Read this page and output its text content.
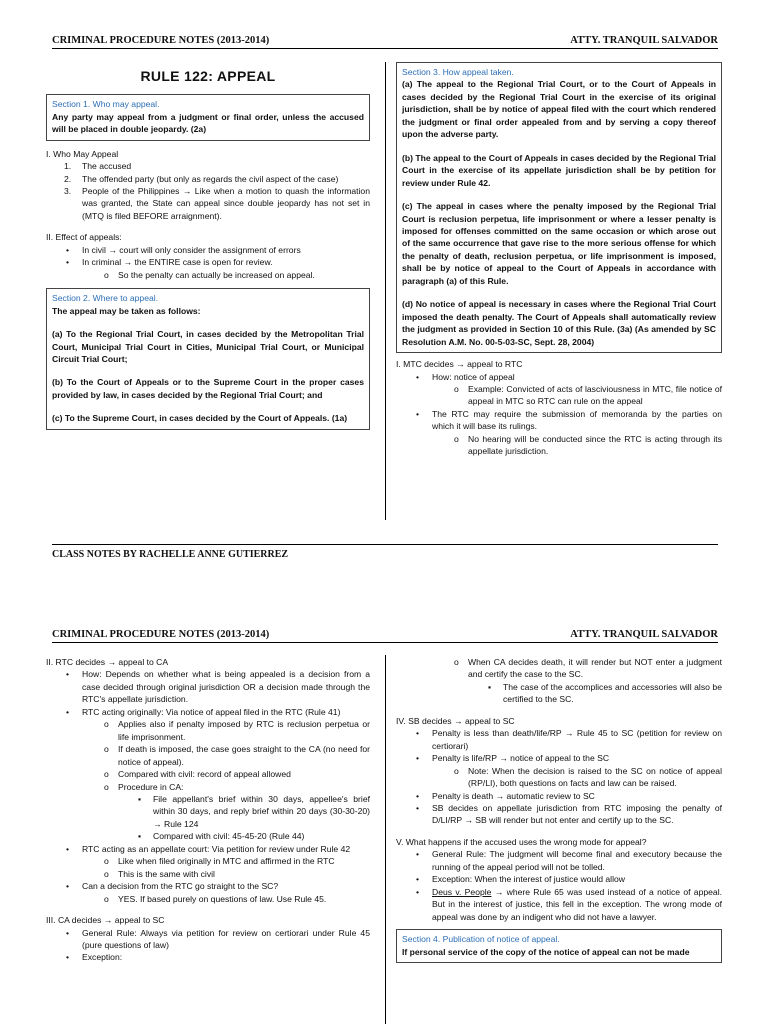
CRIMINAL PROCEDURE NOTES (2013-2014)	ATTY. TRANQUIL SALVADOR
RULE 122: APPEAL
Section 1. Who may appeal.

Any party may appeal from a judgment or final order, unless the accused will be placed in double jeopardy. (2a)

I. Who May Appeal

1. The accused
2. The offended party (but only as regards the civil aspect of the case)
3. People of the Philippines → Like when a motion to quash the information was granted, the State can appeal since double jeopardy has not set in (MTQ is filed BEFORE arraignment).

II. Effect of appeals:

• In civil → court will only consider the assignment of errors
• In criminal → the ENTIRE case is open for review.
o So the penalty can actually be increased on appeal.
Section 2. Where to appeal.

The appeal may be taken as follows:

(a) To the Regional Trial Court, in cases decided by the Metropolitan Trial Court, Municipal Trial Court in Cities, Municipal Trial Court, or Municipal Circuit Trial Court;

(b) To the Court of Appeals or to the Supreme Court in the proper cases provided by law, in cases decided by the Regional Trial Court; and

(c) To the Supreme Court, in cases decided by the Court of Appeals. (1a)

Section 3. How appeal taken.

(a) The appeal to the Regional Trial Court, or to the Court of Appeals in cases decided by the Regional Trial Court in the exercise of its original jurisdiction, shall be by notice of appeal filed with the court which rendered the judgment or final order appealed from and by serving a copy thereof upon the adverse party.

(b) The appeal to the Court of Appeals in cases decided by the Regional Trial Court in the exercise of its appellate jurisdiction shall be by petition for review under Rule 42.

(c) The appeal in cases where the penalty imposed by the Regional Trial Court is reclusion perpetua, life imprisonment or where a lesser penalty is imposed for offenses committed on the same occasion or which arose out of the same occurrence that gave rise to the more serious offense for which the penalty of death, reclusion perpetua, or life imprisonment is imposed, shall be by notice of appeal to the Court of Appeals in accordance with paragraph (a) of this Rule.

(d) No notice of appeal is necessary in cases where the Regional Trial Court imposed the death penalty. The Court of Appeals shall automatically review the judgment as provided in Section 10 of this Rule. (3a) (As amended by SC Resolution A.M. No. 00-5-03-SC, Sept. 28, 2004)

I. MTC decides → appeal to RTC

• How: notice of appeal
o Example: Convicted of acts of lasciviousness in MTC, file notice of appeal in MTC so RTC can rule on the appeal
• The RTC may require the submission of memoranda by the parties on which it will base its rulings.
o No hearing will be conducted since the RTC is acting through its appellate jurisdiction.
CLASS NOTES BY RACHELLE ANNE GUTIERREZ
CRIMINAL PROCEDURE NOTES (2013-2014)	ATTY. TRANQUIL SALVADOR

II. RTC decides → appeal to CA

• How: Depends on whether what is being appealed is a decision from a case decided through original jurisdiction OR a decision made through the RTC's appellate jurisdiction.
• RTC acting originally: Via notice of appeal filed in the RTC (Rule 41)
o Applies also if penalty imposed by RTC is reclusion perpetua or life imprisonment.
o If death is imposed, the case goes straight to the CA (no need for notice of appeal).
o Compared with civil: record of appeal allowed
o Procedure in CA:
▪ File appellant's brief within 30 days, appellee's brief within 30 days, and reply brief within 20 days (30-30-20) → Rule 124
▪ Compared with civil: 45-45-20 (Rule 44)
• RTC acting as an appellate court: Via petition for review under Rule 42
o Like when filed originally in MTC and affirmed in the RTC
o This is the same with civil
• Can a decision from the RTC go straight to the SC?
o YES. If based purely on questions of law. Use Rule 45.

III. CA decides → appeal to SC

• General Rule: Always via petition for review on certiorari under Rule 45 (pure questions of law)
• Exception:
o When CA decides death, it will render but NOT enter a judgment and certify the case to the SC.
▪ The case of the accomplices and accessories will also be certified to the SC.

IV. SB decides → appeal to SC

• Penalty is less than death/life/RP → Rule 45 to SC (petition for review on certiorari)
• Penalty is life/RP → notice of appeal to the SC
o Note: When the decision is raised to the SC on notice of appeal (RP/LI), both questions on facts and law can be raised.
• Penalty is death → automatic review to SC
• SB decides on appellate jurisdiction from RTC imposing the penalty of D/LI/RP → SB will render but not enter and certify up to the SC.

V. What happens if the accused uses the wrong mode for appeal?

• General Rule: The judgment will become final and executory because the running of the appeal period will not be tolled.
• Exception: When the interest of justice would allow
• Deus v. People → where Rule 65 was used instead of a notice of appeal. But in the interest of justice, this fell in the exception. The wrong mode of appeal was done by an indigent who did not have a lawyer.
Section 4. Publication of notice of appeal.

If personal service of the copy of the notice of appeal can not be made
